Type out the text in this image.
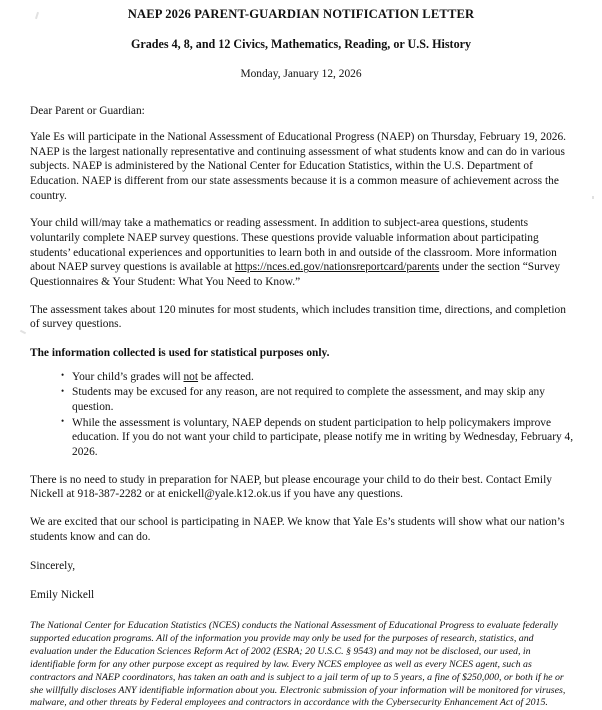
NAEP 2026 PARENT-GUARDIAN NOTIFICATION LETTER
Grades 4, 8, and 12 Civics, Mathematics, Reading, or U.S. History
Monday, January 12, 2026
Dear Parent or Guardian:

Yale Es will participate in the National Assessment of Educational Progress (NAEP) on Thursday, February 19, 2026. NAEP is the largest nationally representative and continuing assessment of what students know and can do in various subjects. NAEP is administered by the National Center for Education Statistics, within the U.S. Department of Education. NAEP is different from our state assessments because it is a common measure of achievement across the country.

Your child will/may take a mathematics or reading assessment. In addition to subject-area questions, students voluntarily complete NAEP survey questions. These questions provide valuable information about participating students’ educational experiences and opportunities to learn both in and outside of the classroom. More information about NAEP survey questions is available at https://nces.ed.gov/nationsreportcard/parents under the section “Survey Questionnaires & Your Student: What You Need to Know.”

The assessment takes about 120 minutes for most students, which includes transition time, directions, and completion of survey questions.

The information collected is used for statistical purposes only.
• Your child’s grades will not be affected.
• Students may be excused for any reason, are not required to complete the assessment, and may skip any question.
• While the assessment is voluntary, NAEP depends on student participation to help policymakers improve education. If you do not want your child to participate, please notify me in writing by Wednesday, February 4, 2026.

There is no need to study in preparation for NAEP, but please encourage your child to do their best. Contact Emily Nickell at 918-387-2282 or at enickell@yale.k12.ok.us if you have any questions.

We are excited that our school is participating in NAEP. We know that Yale Es’s students will show what our nation’s students know and can do.

Sincerely,
Emily Nickell

The National Center for Education Statistics (NCES) conducts the National Assessment of Educational Progress to evaluate federally supported education programs. All of the information you provide may only be used for the purposes of research, statistics, and evaluation under the Education Sciences Reform Act of 2002 (ESRA; 20 U.S.C. § 9543) and may not be disclosed, our used, in identifiable form for any other purpose except as required by law. Every NCES employee as well as every NCES agent, such as contractors and NAEP coordinators, has taken an oath and is subject to a jail term of up to 5 years, a fine of $250,000, or both if he or she willfully discloses ANY identifiable information about you. Electronic submission of your information will be monitored for viruses, malware, and other threats by Federal employees and contractors in accordance with the Cybersecurity Enhancement Act of 2015.
